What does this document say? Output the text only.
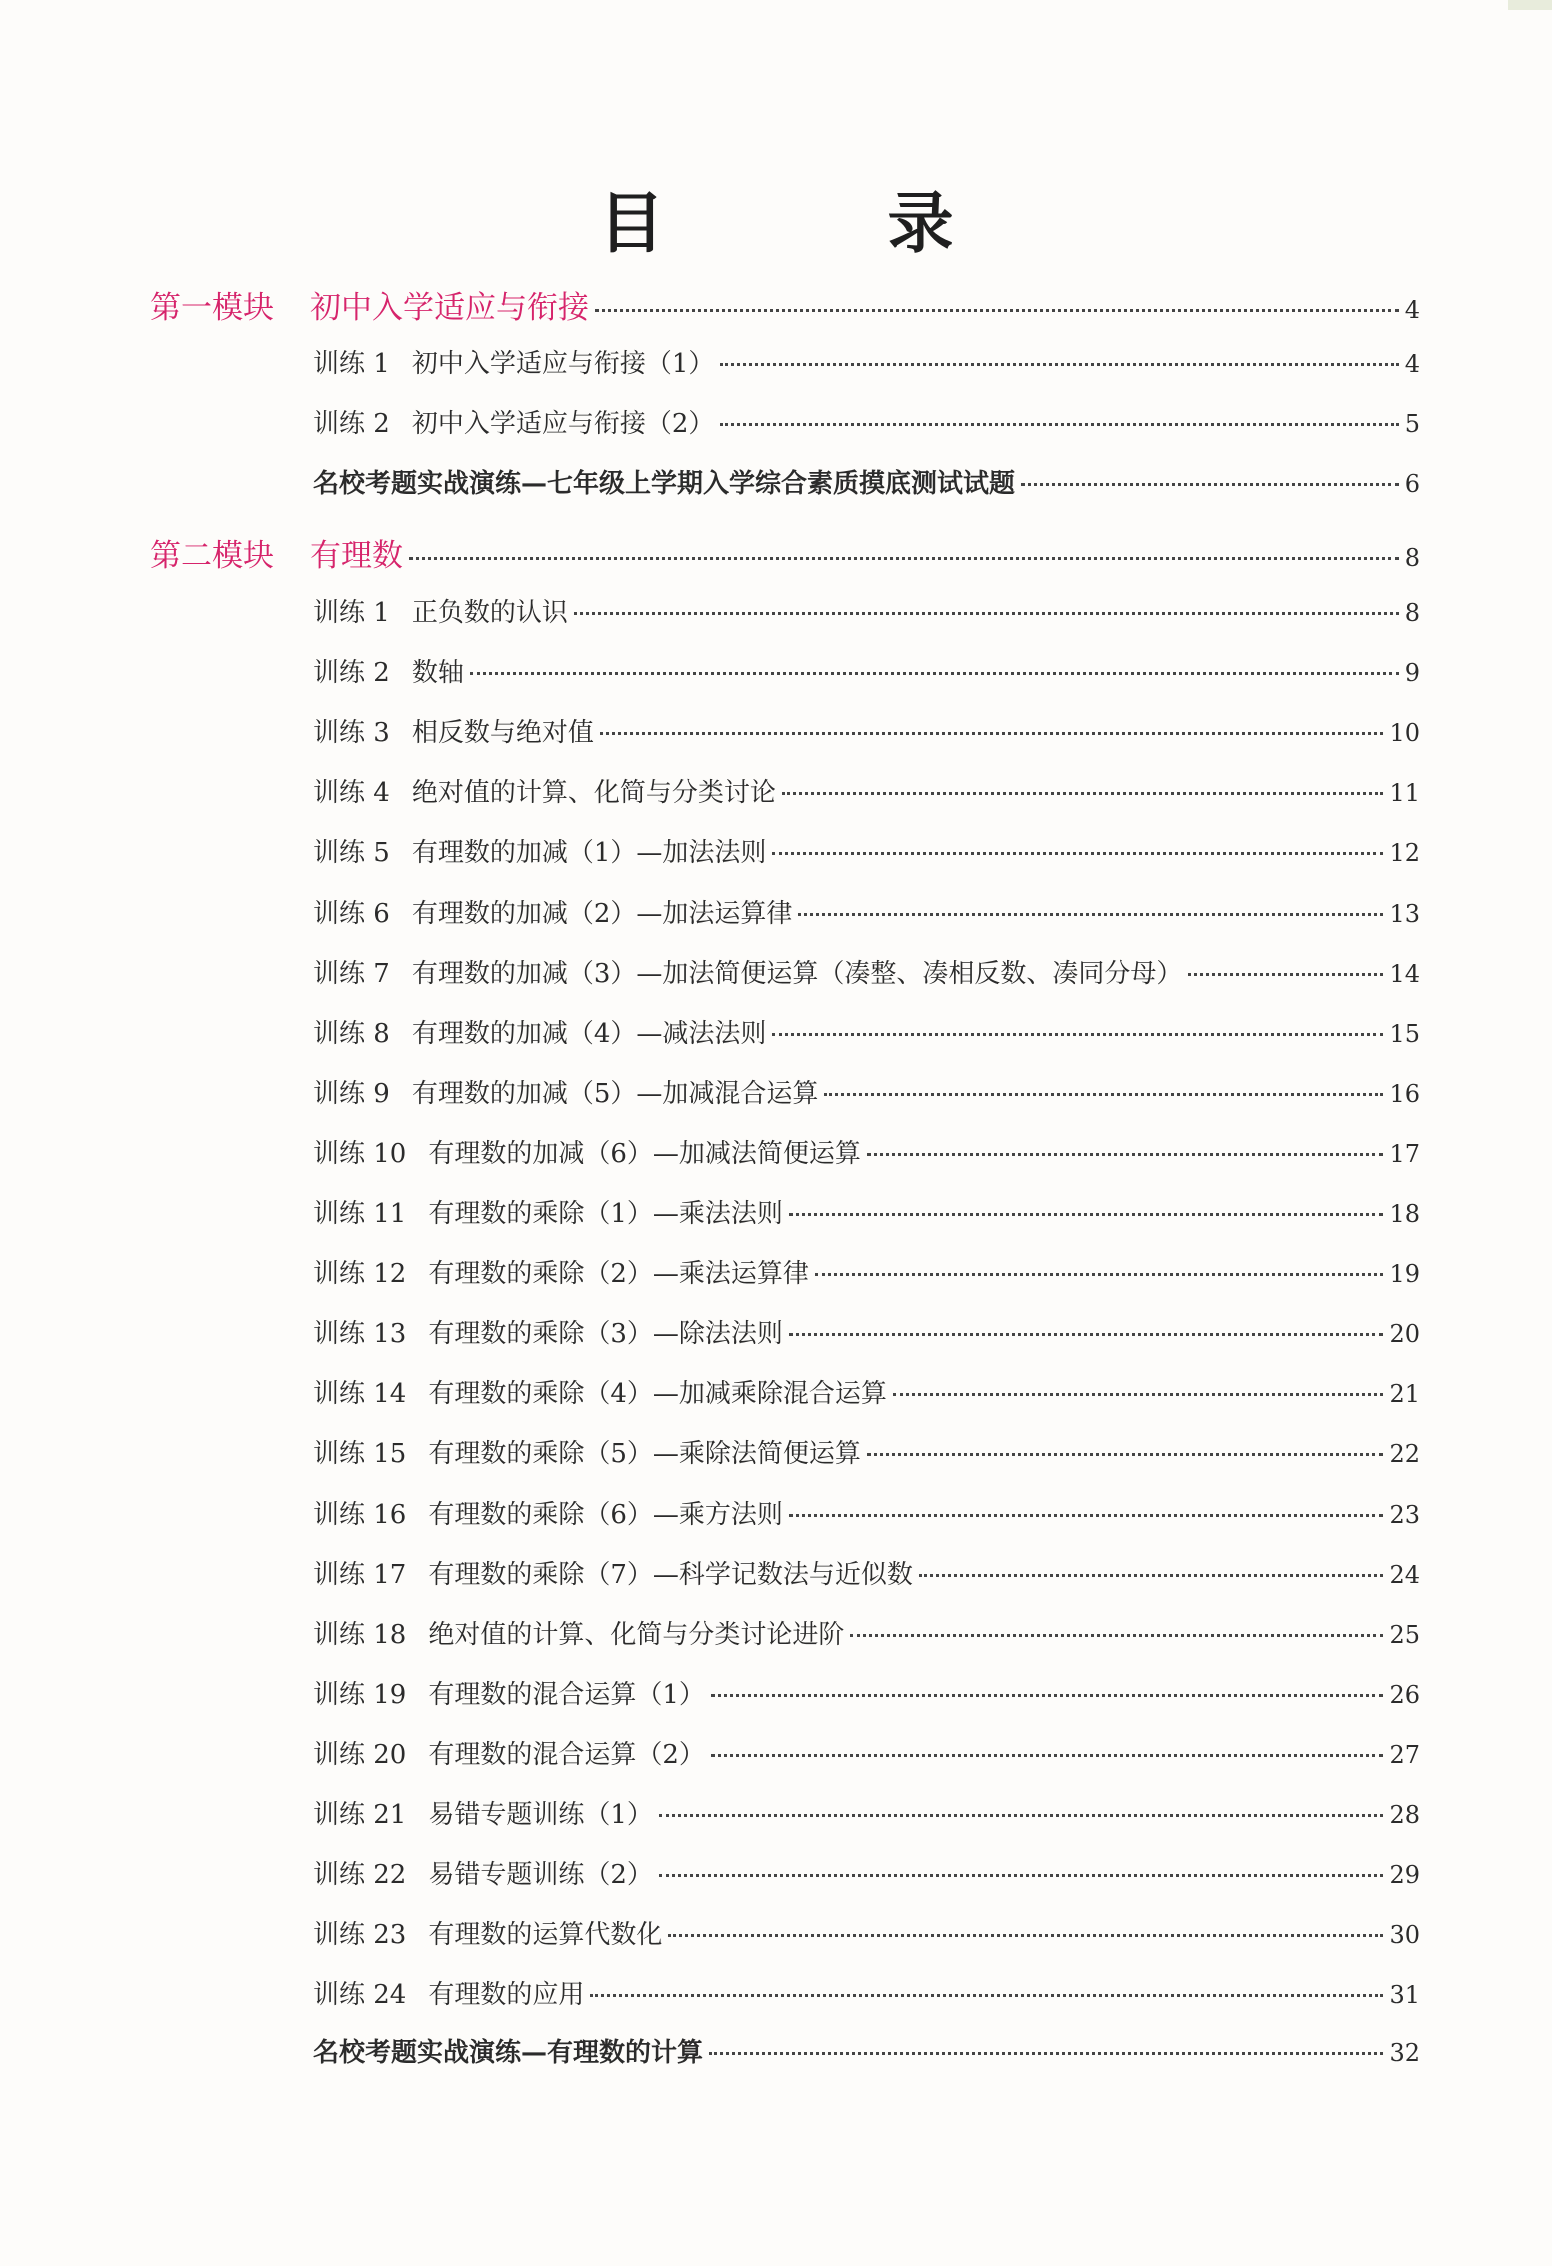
目 录
第一模块 初中入学适应与衔接	4
训练 1 初中入学适应与衔接（1）	4
训练 2 初中入学适应与衔接（2）	5
名校考题实战演练—七年级上学期入学综合素质摸底测试试题	6
第二模块 有理数	8
训练 1 正负数的认识	8
训练 2 数轴	9
训练 3 相反数与绝对值	10
训练 4 绝对值的计算、化简与分类讨论	11
训练 5 有理数的加减（1）—加法法则	12
训练 6 有理数的加减（2）—加法运算律	13
训练 7 有理数的加减（3）—加法简便运算（凑整、凑相反数、凑同分母）	14
训练 8 有理数的加减（4）—减法法则	15
训练 9 有理数的加减（5）—加减混合运算	16
训练 10 有理数的加减（6）—加减法简便运算	17
训练 11 有理数的乘除（1）—乘法法则	18
训练 12 有理数的乘除（2）—乘法运算律	19
训练 13 有理数的乘除（3）—除法法则	20
训练 14 有理数的乘除（4）—加减乘除混合运算	21
训练 15 有理数的乘除（5）—乘除法简便运算	22
训练 16 有理数的乘除（6）—乘方法则	23
训练 17 有理数的乘除（7）—科学记数法与近似数	24
训练 18 绝对值的计算、化简与分类讨论进阶	25
训练 19 有理数的混合运算（1）	26
训练 20 有理数的混合运算（2）	27
训练 21 易错专题训练（1）	28
训练 22 易错专题训练（2）	29
训练 23 有理数的运算代数化	30
训练 24 有理数的应用	31
名校考题实战演练—有理数的计算	32
